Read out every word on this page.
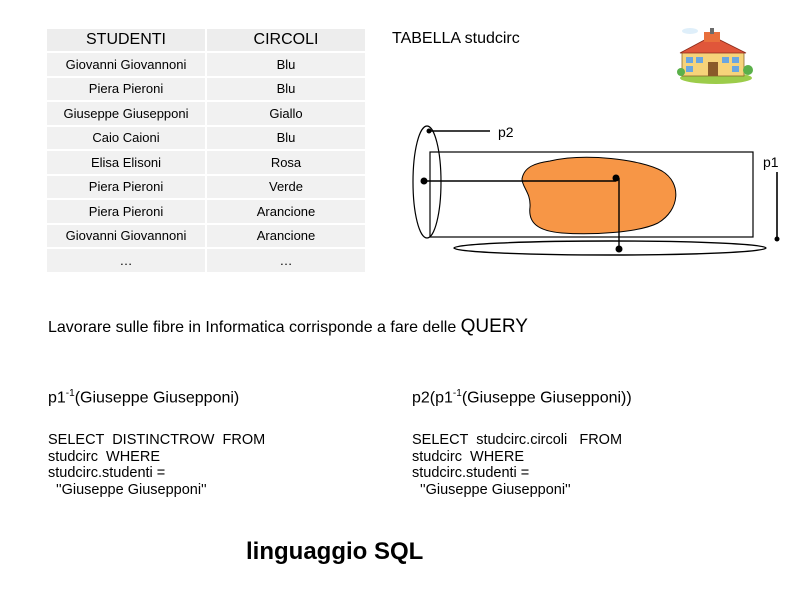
STUDENTI	CIRCOLI
Giovanni Giovannoni	Blu
Piera Pieroni	Blu
Giuseppe Giusepponi	Giallo
Caio Caioni	Blu
Elisa Elisoni	Rosa
Piera Pieroni	Verde
Piera Pieroni	Arancione
Giovanni Giovannoni	Arancione
…	…
TABELLA studcirc
p2
p1
Lavorare sulle fibre in Informatica corrisponde a fare delle QUERY
$p1^{-1}(Giuseppe$ Giusepponi)	$p2(p1^{-1}(Giuseppe$ Giusepponi))
SELECT  DISTINCTROW  FROM
studcirc  WHERE
studcirc.studenti =
''Giuseppe Giusepponi''
SELECT  studcirc.circoli   FROM
studcirc  WHERE
studcirc.studenti =
''Giuseppe Giusepponi''
linguaggio SQL
